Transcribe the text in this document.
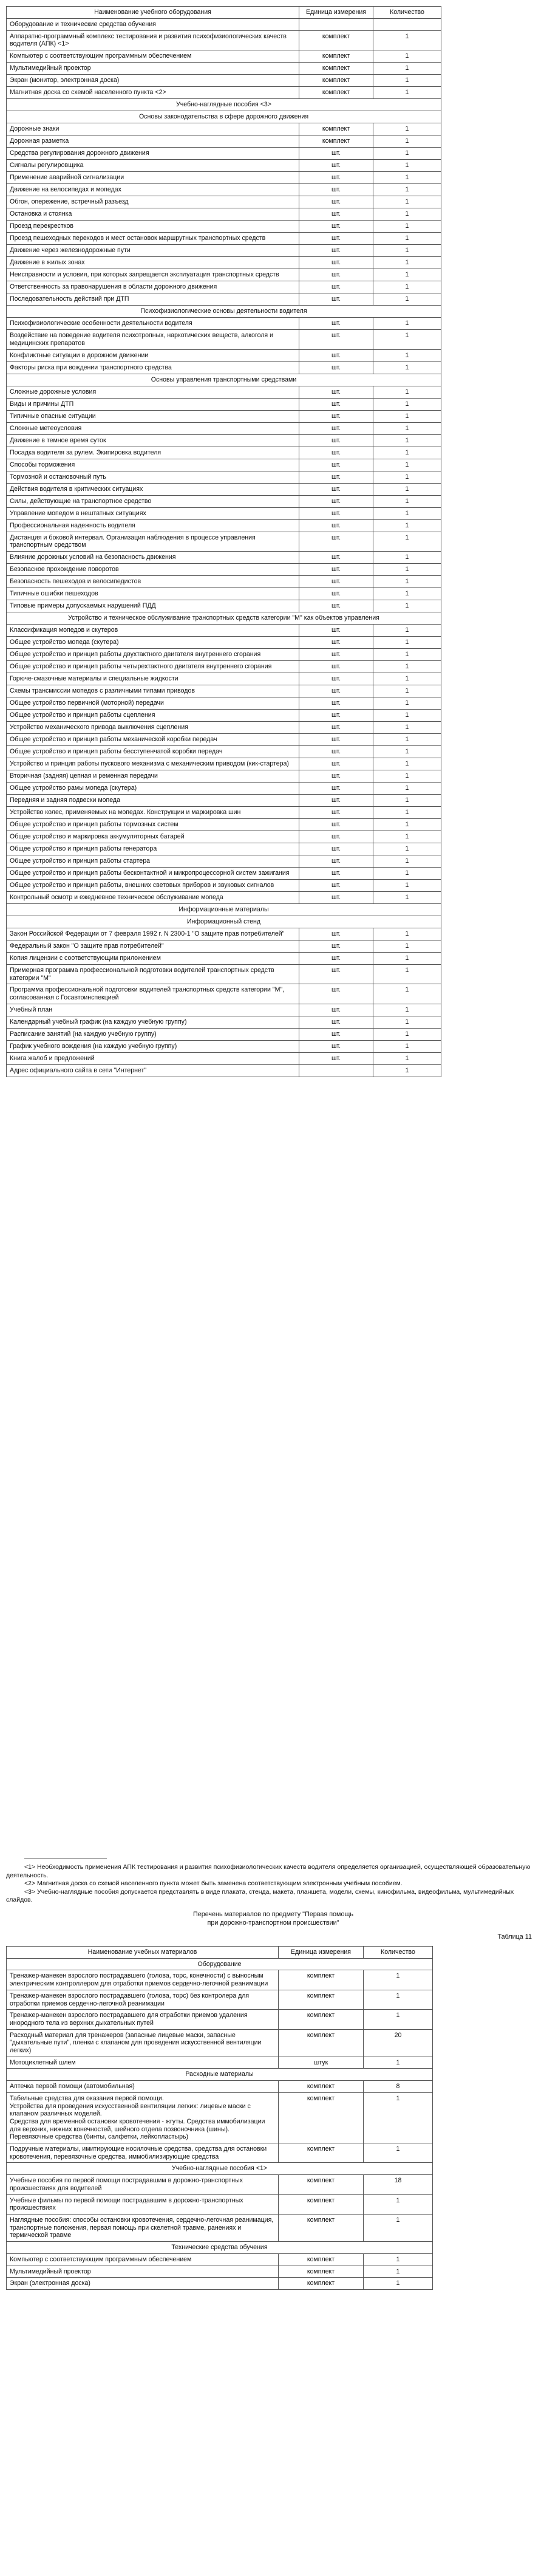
Наименование учебного оборудования	Единица измерения	Количество
Оборудование и технические средства обучения		
Аппаратно-программный комплекс тестирования и развития психофизиологических качеств водителя (АПК) <1>	комплект	1
Компьютер с соответствующим программным обеспечением	комплект	1
Мультимедийный проектор	комплект	1
Экран (монитор, электронная доска)	комплект	1
Магнитная доска со схемой населенного пункта <2>	комплект	1
Учебно-наглядные пособия <3>		
Основы законодательства в сфере дорожного движения		
Дорожные знаки	комплект	1
Дорожная разметка	комплект	1
Средства регулирования дорожного движения	шт.	1
Сигналы регулировщика	шт.	1
Применение аварийной сигнализации	шт.	1
Движение на велосипедах и мопедах	шт.	1
Обгон, опережение, встречный разъезд	шт.	1
Остановка и стоянка	шт.	1
Проезд перекрестков	шт.	1
Проезд пешеходных переходов и мест остановок маршрутных транспортных средств	шт.	1
Движение через железнодорожные пути	шт.	1
Движение в жилых зонах	шт.	1
Неисправности и условия, при которых запрещается эксплуатация транспортных средств	шт.	1
Ответственность за правонарушения в области дорожного движения	шт.	1
Последовательность действий при ДТП	шт.	1
Психофизиологические основы деятельности водителя		
Психофизиологические особенности деятельности водителя	шт.	1
Воздействие на поведение водителя психотропных, наркотических веществ, алкоголя и медицинских препаратов	шт.	1
Конфликтные ситуации в дорожном движении	шт.	1
Факторы риска при вождении транспортного средства	шт.	1
Основы управления транспортными средствами		
Сложные дорожные условия	шт.	1
Виды и причины ДТП	шт.	1
Типичные опасные ситуации	шт.	1
Сложные метеоусловия	шт.	1
Движение в темное время суток	шт.	1
Посадка водителя за рулем. Экипировка водителя	шт.	1
Способы торможения	шт.	1
Тормозной и остановочный путь	шт.	1
Действия водителя в критических ситуациях	шт.	1
Силы, действующие на транспортное средство	шт.	1
Управление мопедом в нештатных ситуациях	шт.	1
Профессиональная надежность водителя	шт.	1
Дистанция и боковой интервал. Организация наблюдения в процессе управления транспортным средством	шт.	1
Влияние дорожных условий на безопасность движения	шт.	1
Безопасное прохождение поворотов	шт.	1
Безопасность пешеходов и велосипедистов	шт.	1
Типичные ошибки пешеходов	шт.	1
Типовые примеры допускаемых нарушений ПДД	шт.	1
Устройство и техническое обслуживание транспортных средств категории "М" как объектов управления		
Классификация мопедов и скутеров	шт.	1
Общее устройство мопеда (скутера)	шт.	1
Общее устройство и принцип работы двухтактного двигателя внутреннего сгорания	шт.	1
Общее устройство и принцип работы четырехтактного двигателя внутреннего сгорания	шт.	1
Горюче-смазочные материалы и специальные жидкости	шт.	1
Схемы трансмиссии мопедов с различными типами приводов	шт.	1
Общее устройство первичной (моторной) передачи	шт.	1
Общее устройство и принцип работы сцепления	шт.	1
Устройство механического привода выключения сцепления	шт.	1
Общее устройство и принцип работы механической коробки передач	шт.	1
Общее устройство и принцип работы бесступенчатой коробки передач	шт.	1
Устройство и принцип работы пускового механизма с механическим приводом (кик-стартера)	шт.	1
Вторичная (задняя) цепная и ременная передачи	шт.	1
Общее устройство рамы мопеда (скутера)	шт.	1
Передняя и задняя подвески мопеда	шт.	1
Устройство колес, применяемых на мопедах. Конструкции и маркировка шин	шт.	1
Общее устройство и принцип работы тормозных систем	шт.	1
Общее устройство и маркировка аккумуляторных батарей	шт.	1
Общее устройство и принцип работы генератора	шт.	1
Общее устройство и принцип работы стартера	шт.	1
Общее устройство и принцип работы бесконтактной и микропроцессорной систем зажигания	шт.	1
Общее устройство и принцип работы, внешних световых приборов и звуковых сигналов	шт.	1
Контрольный осмотр и ежедневное техническое обслуживание мопеда	шт.	1
Информационные материалы		
Информационный стенд		
Закон Российской Федерации от 7 февраля 1992 г. N 2300-1 "О защите прав потребителей"	шт.	1
Федеральный закон "О защите прав потребителей"	шт.	1
Копия лицензии с соответствующим приложением	шт.	1
Примерная программа профессиональной подготовки водителей транспортных средств категории "М"	шт.	1
Программа профессиональной подготовки водителей транспортных средств категории "М", согласованная с Госавтоинспекцией	шт.	1
Учебный план	шт.	1
Календарный учебный график (на каждую учебную группу)	шт.	1
Расписание занятий (на каждую учебную группу)	шт.	1
График учебного вождения (на каждую учебную группу)	шт.	1
Книга жалоб и предложений	шт.	1
Адрес официального сайта в сети "Интернет"		1

<1> Необходимость применения АПК тестирования и развития психофизиологических качеств водителя определяется организацией, осуществляющей образовательную деятельность.

<2> Магнитная доска со схемой населенного пункта может быть заменена соответствующим электронным учебным пособием.

<3> Учебно-наглядные пособия допускается представлять в виде плаката, стенда, макета, планшета, модели, схемы, кинофильма, видеофильма, мультимедийных слайдов.

Перечень материалов по предмету "Первая помощь
при дорожно-транспортном происшествии"
Таблица 11
Наименование учебных материалов	Единица измерения	Количество
Оборудование		
Тренажер-манекен взрослого пострадавшего (голова, торс, конечности) с выносным электрическим контроллером для отработки приемов сердечно-легочной реанимации	комплект	1
Тренажер-манекен взрослого пострадавшего (голова, торс) без контролера для отработки приемов сердечно-легочной реанимации	комплект	1
Тренажер-манекен взрослого пострадавшего для отработки приемов удаления инородного тела из верхних дыхательных путей	комплект	1
Расходный материал для тренажеров (запасные лицевые маски, запасные "дыхательные пути", пленки с клапаном для проведения искусственной вентиляции легких)	комплект	20
Мотоциклетный шлем	штук	1
Расходные материалы		
Аптечка первой помощи (автомобильная)	комплект	8
Табельные средства для оказания первой помощи.
Устройства для проведения искусственной вентиляции легких: лицевые маски с клапаном различных моделей.
Средства для временной остановки кровотечения - жгуты. Средства иммобилизации для верхних, нижних конечностей, шейного отдела позвоночника (шины).
Перевязочные средства (бинты, салфетки, лейкопластырь)	комплект	1
Подручные материалы, имитирующие носилочные средства, средства для остановки кровотечения, перевязочные средства, иммобилизирующие средства	комплект	1
Учебно-наглядные пособия <1>		
Учебные пособия по первой помощи пострадавшим в дорожно-транспортных происшествиях для водителей	комплект	18
Учебные фильмы по первой помощи пострадавшим в дорожно-транспортных происшествиях	комплект	1
Наглядные пособия: способы остановки кровотечения, сердечно-легочная реанимация, транспортные положения, первая помощь при скелетной травме, ранениях и термической травме	комплект	1
Технические средства обучения		
Компьютер с соответствующим программным обеспечением	комплект	1
Мультимедийный проектор	комплект	1
Экран (электронная доска)	комплект	1
